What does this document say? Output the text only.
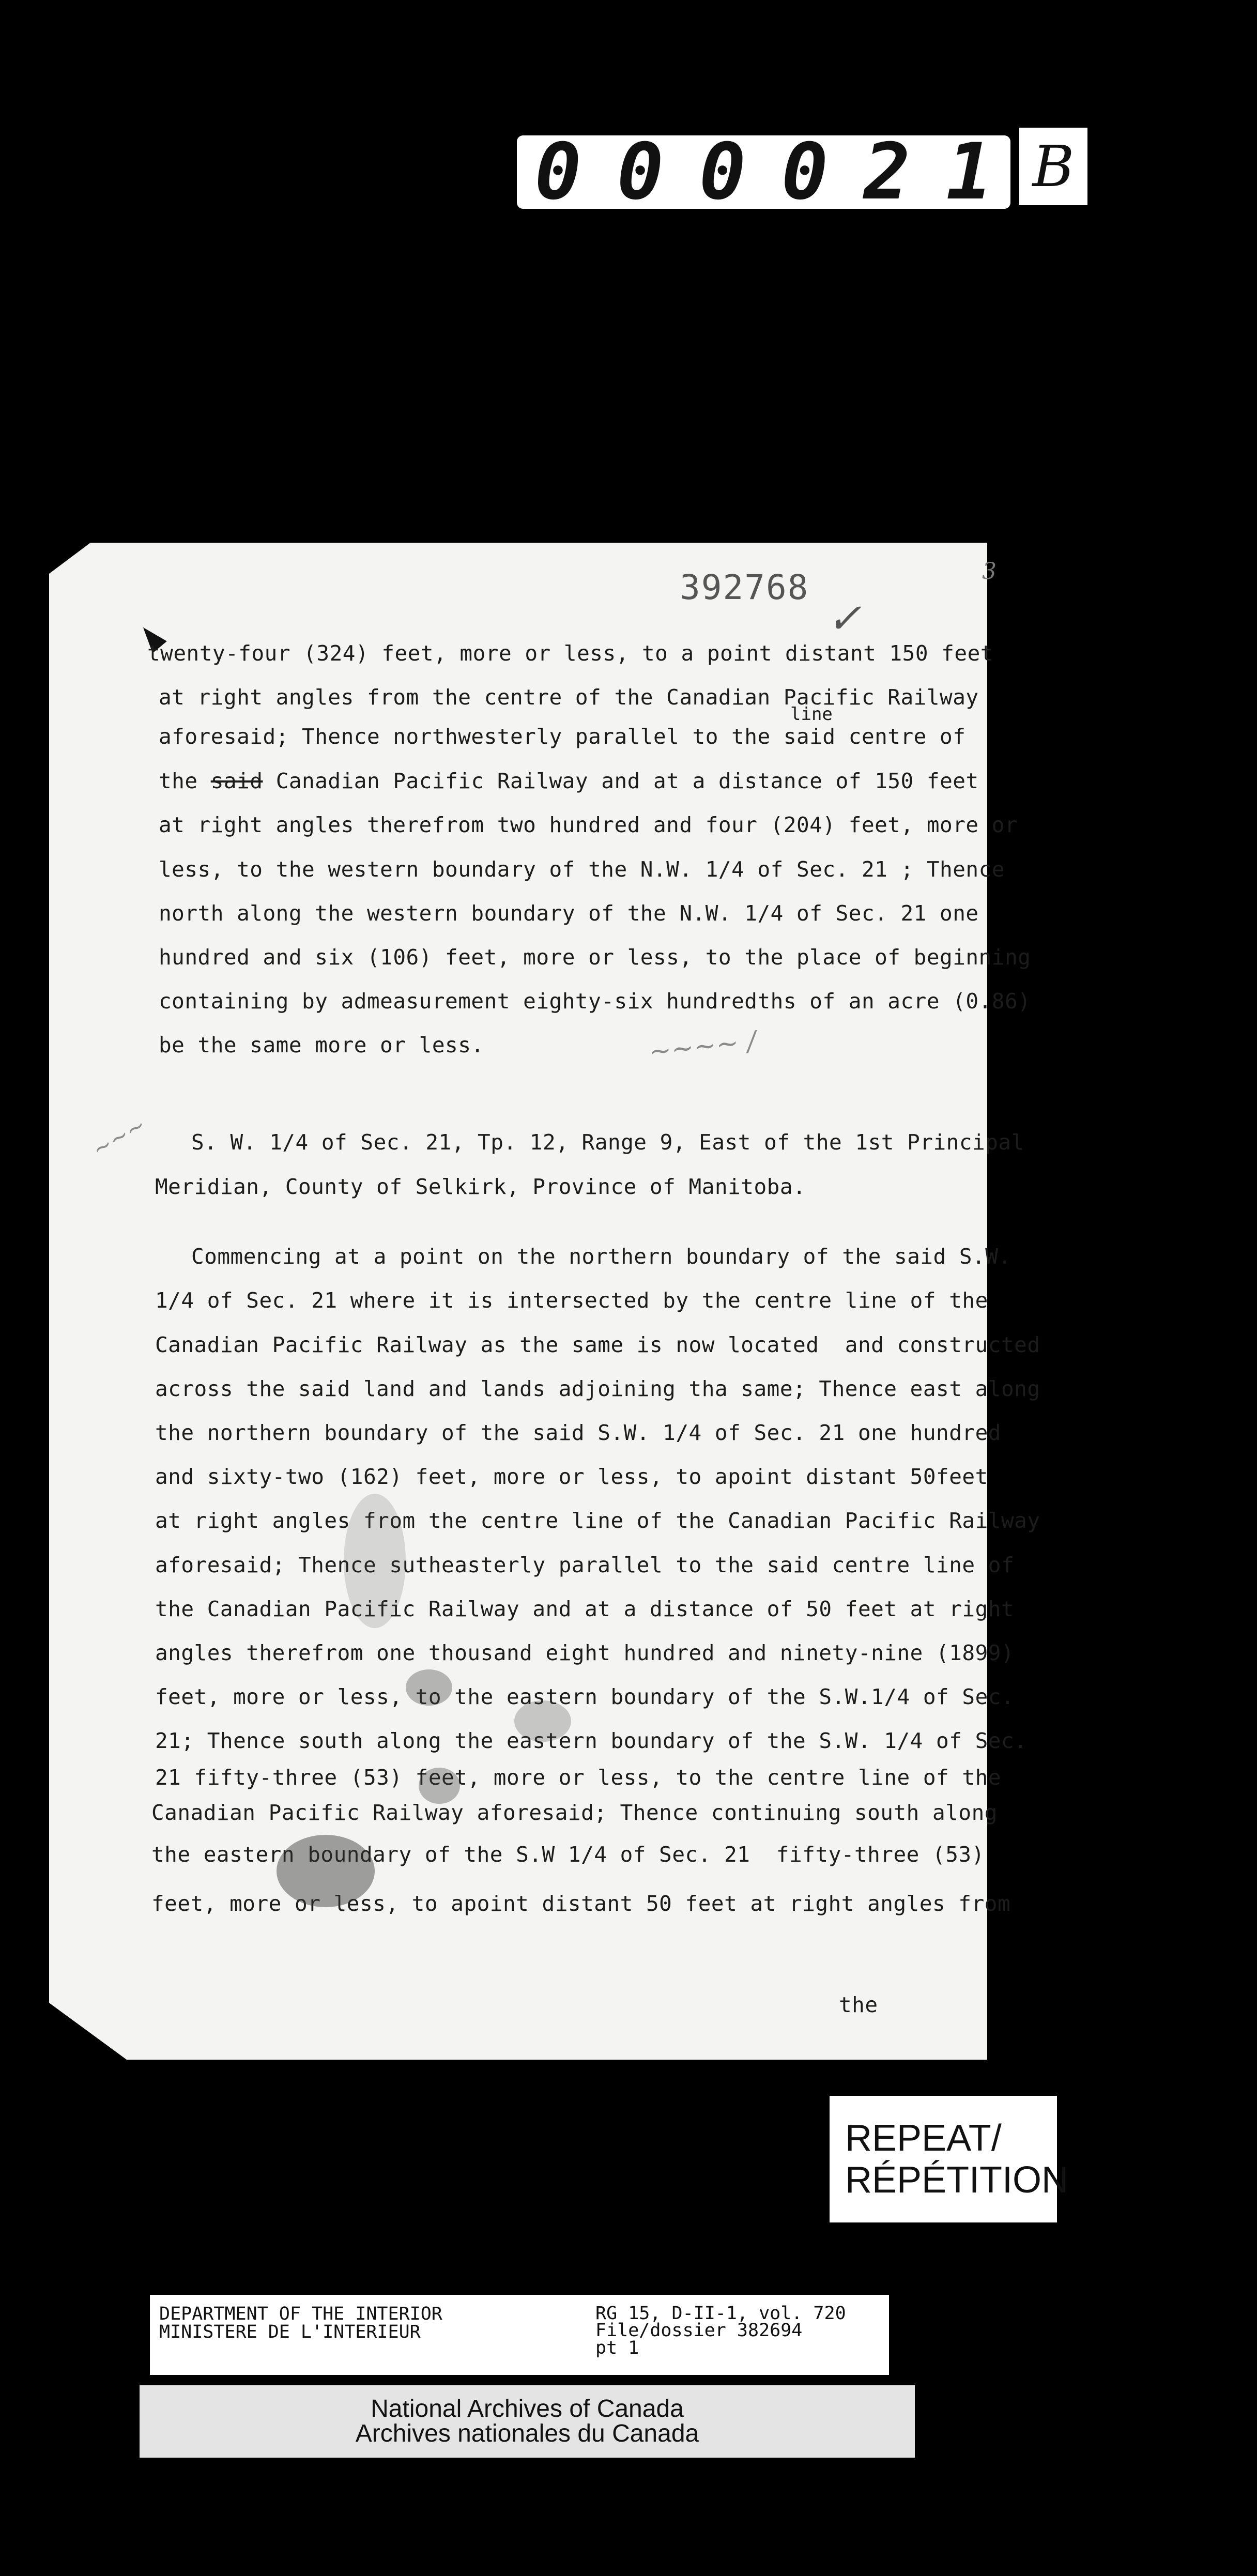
0 0 0 0 2 1 B
392768
✓
3
twenty-four (324) feet, more or less, to a point distant 150 feet
at right angles from the centre of the Canadian Pacific Railway
line
aforesaid; Thence northwesterly parallel to the said centre of
the said Canadian Pacific Railway and at a distance of 150 feet
at right angles therefrom two hundred and four (204) feet, more or
less, to the western boundary of the N.W. 1/4 of Sec. 21 ; Thence
north along the western boundary of the N.W. 1/4 of Sec. 21 one
hundred and six (106) feet, more or less, to the place of beginning
containing by admeasurement eighty-six hundredths of an acre (0.86)
be the same more or less.	~~~~ /
~~~ S. W. 1/4 of Sec. 21, Tp. 12, Range 9, East of the 1st Principal
Meridian, County of Selkirk, Province of Manitoba.
Commencing at a point on the northern boundary of the said S.W.
1/4 of Sec. 21 where it is intersected by the centre line of the
Canadian Pacific Railway as the same is now located  and constructed
across the said land and lands adjoining tha same; Thence east along
the northern boundary of the said S.W. 1/4 of Sec. 21 one hundred
and sixty-two (162) feet, more or less, to apoint distant 50feet
at right angles from the centre line of the Canadian Pacific Railway
aforesaid; Thence sutheasterly parallel to the said centre line of
the Canadian Pacific Railway and at a distance of 50 feet at right
angles therefrom one thousand eight hundred and ninety-nine (1899)
feet, more or less, to the eastern boundary of the S.W.1/4 of Sec.
21; Thence south along the eastern boundary of the S.W. 1/4 of Sec.
21 fifty-three (53) feet, more or less, to the centre line of the
Canadian Pacific Railway aforesaid; Thence continuing south along
the eastern boundary of the S.W 1/4 of Sec. 21  fifty-three (53)
feet, more or less, to apoint distant 50 feet at right angles from
the
REPEAT/
RÉPÉTITION
DEPARTMENT OF THE INTERIOR
MINISTERE DE L'INTERIEUR
RG 15, D-II-1, vol. 720
File/dossier 382694
pt 1
National Archives of Canada
Archives nationales du Canada
